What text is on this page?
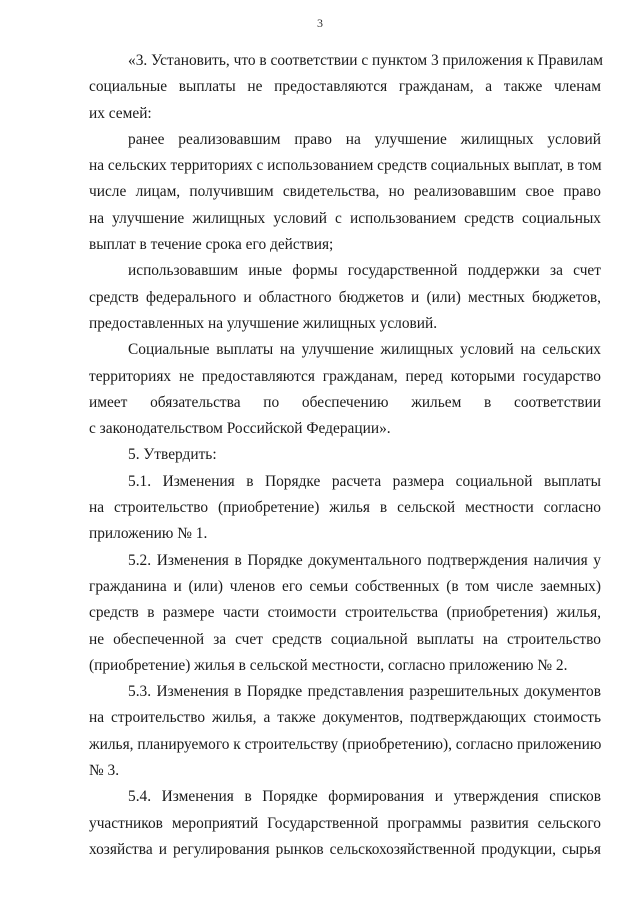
3
«3. Установить, что в соответствии с пунктом 3 приложения к Правилам
социальные выплаты не предоставляются гражданам, а также членам
их семей:
ранее реализовавшим право на улучшение жилищных условий
на сельских территориях с использованием средств социальных выплат, в том
числе лицам, получившим свидетельства, но реализовавшим свое право
на улучшение жилищных условий с использованием средств социальных
выплат в течение срока его действия;
использовавшим иные формы государственной поддержки за счет
средств федерального и областного бюджетов и (или) местных бюджетов,
предоставленных на улучшение жилищных условий.
Социальные выплаты на улучшение жилищных условий на сельских
территориях не предоставляются гражданам, перед которыми государство
имеет обязательства по обеспечению жильем в соответствии
с законодательством Российской Федерации».
5. Утвердить:
5.1. Изменения в Порядке расчета размера социальной выплаты
на строительство (приобретение) жилья в сельской местности согласно
приложению № 1.
5.2. Изменения в Порядке документального подтверждения наличия у
гражданина и (или) членов его семьи собственных (в том числе заемных)
средств в размере части стоимости строительства (приобретения) жилья,
не обеспеченной за счет средств социальной выплаты на строительство
(приобретение) жилья в сельской местности, согласно приложению № 2.
5.3. Изменения в Порядке представления разрешительных документов
на строительство жилья, а также документов, подтверждающих стоимость
жилья, планируемого к строительству (приобретению), согласно приложению
№ 3.
5.4. Изменения в Порядке формирования и утверждения списков
участников мероприятий Государственной программы развития сельского
хозяйства и регулирования рынков сельскохозяйственной продукции, сырья
